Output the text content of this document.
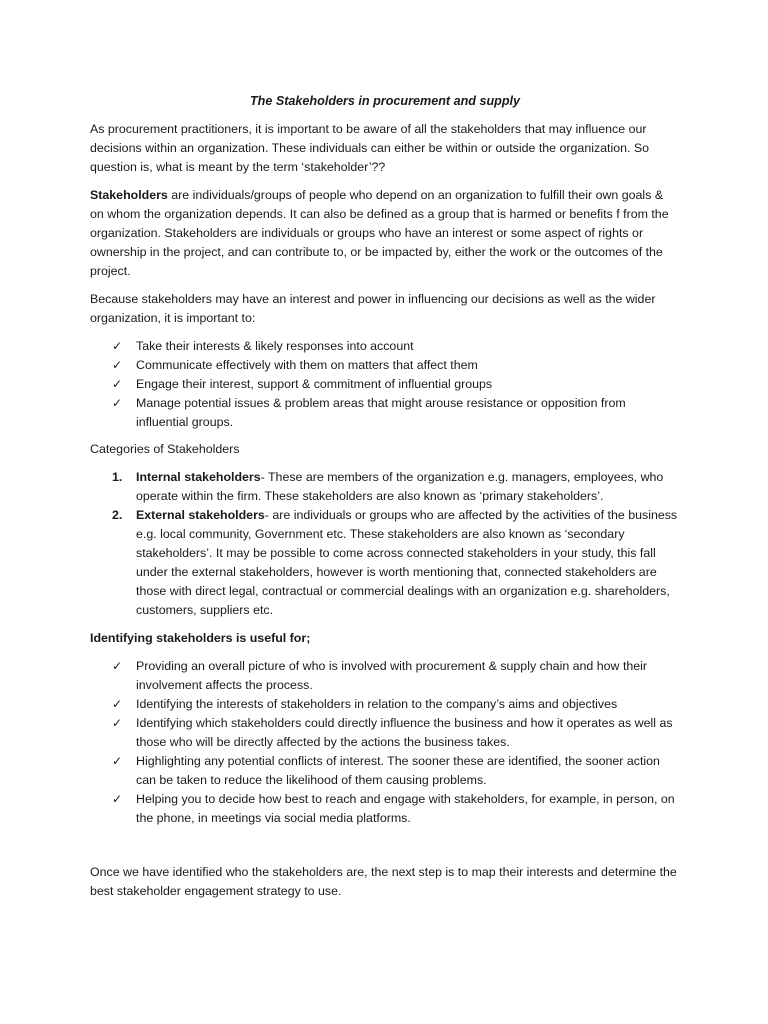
The Stakeholders in procurement and supply

As procurement practitioners, it is important to be aware of all the stakeholders that may influence our decisions within an organization. These individuals can either be within or outside the organization. So question is, what is meant by the term ‘stakeholder’??

Stakeholders are individuals/groups of people who depend on an organization to fulfill their own goals & on whom the organization depends. It can also be defined as a group that is harmed or benefits f from the organization. Stakeholders are individuals or groups who have an interest or some aspect of rights or ownership in the project, and can contribute to, or be impacted by, either the work or the outcomes of the project.

Because stakeholders may have an interest and power in influencing our decisions as well as the wider organization, it is important to:

✓ Take their interests & likely responses into account
✓ Communicate effectively with them on matters that affect them
✓ Engage their interest, support & commitment of influential groups
✓ Manage potential issues & problem areas that might arouse resistance or opposition from influential groups.
Categories of Stakeholders
1. Internal stakeholders- These are members of the organization e.g. managers, employees, who operate within the firm. These stakeholders are also known as ‘primary stakeholders’.
2. External stakeholders- are individuals or groups who are affected by the activities of the business e.g. local community, Government etc. These stakeholders are also known as ‘secondary stakeholders’. It may be possible to come across connected stakeholders in your study, this fall under the external stakeholders, however is worth mentioning that, connected stakeholders are those with direct legal, contractual or commercial dealings with an organization e.g. shareholders, customers, suppliers etc.

Identifying stakeholders is useful for;

✓ Providing an overall picture of who is involved with procurement & supply chain and how their involvement affects the process.
✓ Identifying the interests of stakeholders in relation to the company’s aims and objectives
✓ Identifying which stakeholders could directly influence the business and how it operates as well as those who will be directly affected by the actions the business takes.
✓ Highlighting any potential conflicts of interest. The sooner these are identified, the sooner action can be taken to reduce the likelihood of them causing problems.
✓ Helping you to decide how best to reach and engage with stakeholders, for example, in person, on the phone, in meetings via social media platforms.

Once we have identified who the stakeholders are, the next step is to map their interests and determine the best stakeholder engagement strategy to use.
